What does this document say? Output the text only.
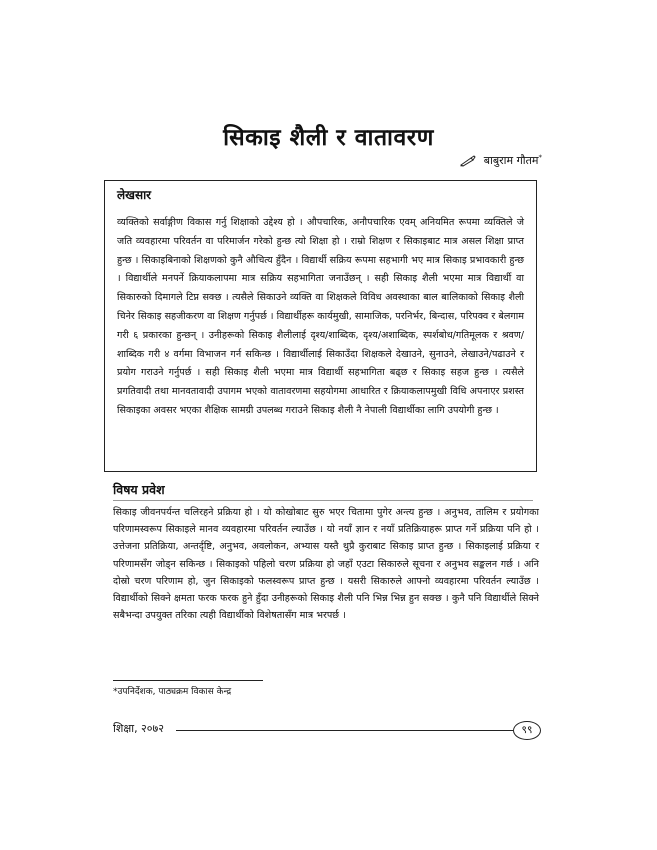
सिकाइ शैली र वातावरण
बाबुराम गौतम*

लेखसार

व्यक्तिको सर्वाङ्गीण विकास गर्नु शिक्षाको उद्देश्य हो । औपचारिक, अनौपचारिक एवम् अनियमित रूपमा व्यक्तिले जे जति व्यवहारमा परिवर्तन वा परिमार्जन गरेको हुन्छ त्यो शिक्षा हो । राम्रो शिक्षण र सिकाइबाट मात्र असल शिक्षा प्राप्त हुन्छ । सिकाइबिनाको शिक्षणको कुनै औचित्य हुँदैन । विद्यार्थी सक्रिय रूपमा सहभागी भए मात्र सिकाइ प्रभावकारी हुन्छ । विद्यार्थीले मनपर्ने क्रियाकलापमा मात्र सक्रिय सहभागिता जनाउँछन् । सही सिकाइ शैली भएमा मात्र विद्यार्थी वा सिकारुको दिमागले टिप्न सक्छ । त्यसैले सिकाउने व्यक्ति वा शिक्षकले विविध अवस्थाका बाल बालिकाको सिकाइ शैली चिनेर सिकाइ सहजीकरण वा शिक्षण गर्नुपर्छ । विद्यार्थीहरू कार्यमुखी, सामाजिक, परनिर्भर, बिन्दास, परिपक्व र बेलगाम गरी ६ प्रकारका हुन्छन् । उनीहरूको सिकाइ शैलीलाई दृश्य/शाब्दिक, दृश्य/अशाब्दिक, स्पर्शबोध/गतिमूलक र श्रवण/शाब्दिक गरी ४ वर्गमा विभाजन गर्न सकिन्छ । विद्यार्थीलाई सिकाउँदा शिक्षकले देखाउने, सुनाउने, लेखाउने/पढाउने र प्रयोग गराउने गर्नुपर्छ । सही सिकाइ शैली भएमा मात्र विद्यार्थी सहभागिता बढ्छ र सिकाइ सहज हुन्छ । त्यसैले प्रगतिवादी तथा मानवतावादी उपागम भएको वातावरणमा सहयोगमा आधारित र क्रियाकलापमुखी विधि अपनाएर प्रशस्त सिकाइका अवसर भएका शैक्षिक सामग्री उपलब्ध गराउने सिकाइ शैली नै नेपाली विद्यार्थीका लागि उपयोगी हुन्छ ।

विषय प्रवेश

सिकाइ जीवनपर्यन्त चलिरहने प्रक्रिया हो । यो कोखोबाट सुरु भएर चितामा पुगेर अन्त्य हुन्छ । अनुभव, तालिम र प्रयोगका परिणामस्वरूप सिकाइले मानव व्यवहारमा परिवर्तन ल्याउँछ । यो नयाँ ज्ञान र नयाँ प्रतिक्रियाहरू प्राप्त गर्ने प्रक्रिया पनि हो । उत्तेजना प्रतिक्रिया, अन्तर्दृष्टि, अनुभव, अवलोकन, अभ्यास यस्तै थुप्रै कुराबाट सिकाइ प्राप्त हुन्छ । सिकाइलाई प्रक्रिया र परिणामसँग जोड्न सकिन्छ । सिकाइको पहिलो चरण प्रक्रिया हो जहाँ एउटा सिकारुले सूचना र अनुभव सङ्कलन गर्छ । अनि दोस्रो चरण परिणाम हो, जुन सिकाइको फलस्वरूप प्राप्त हुन्छ । यसरी सिकारुले आफ्नो व्यवहारमा परिवर्तन ल्याउँछ । विद्यार्थीको सिक्ने क्षमता फरक फरक हुने हुँदा उनीहरूको सिकाइ शैली पनि भिन्न भिन्न हुन सक्छ । कुनै पनि विद्यार्थीले सिक्ने सबैभन्दा उपयुक्त तरिका त्यही विद्यार्थीको विशेषतासँग मात्र भरपर्छ ।

*उपनिर्देशक, पाठ्यक्रम विकास केन्द्र
शिक्षा, २०७२	९९
